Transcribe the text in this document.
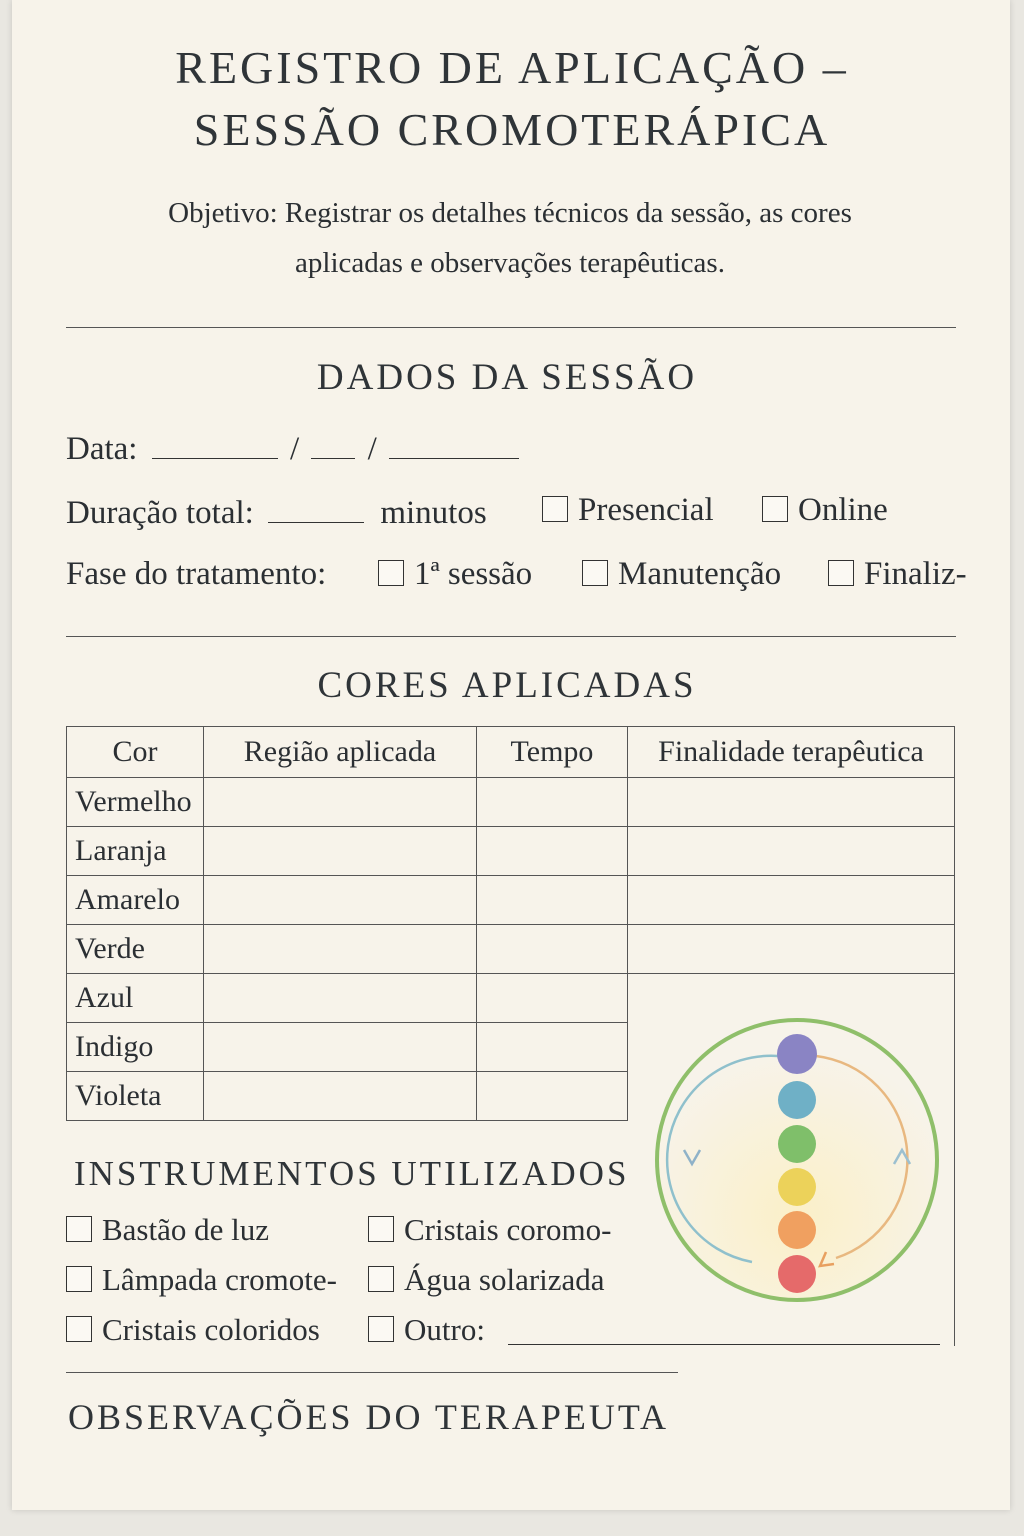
REGISTRO DE APLICAÇÃO –
SESSÃO CROMOTERÁPICA
Objetivo: Registrar os detalhes técnicos da sessão, as cores
aplicadas e observações terapêuticas.
DADOS DA SESSÃO
Data:	/ /
Duração total:	minutos	Presencial	Online
Fase do tratamento:	1ª sessão	Manutenção	Finaliz-
CORES APLICADAS
Cor	Região aplicada	Tempo	Finalidade terapêutica
Vermelho			
Laranja			
Amarelo			
Verde			
Azul			
Indigo			
Violeta			
INSTRUMENTOS UTILIZADOS
Bastão de luz
Lâmpada cromote-
Cristais coloridos
Cristais coromo-
Água solarizada
Outro:
OBSERVAÇÕES DO TERAPEUTA
